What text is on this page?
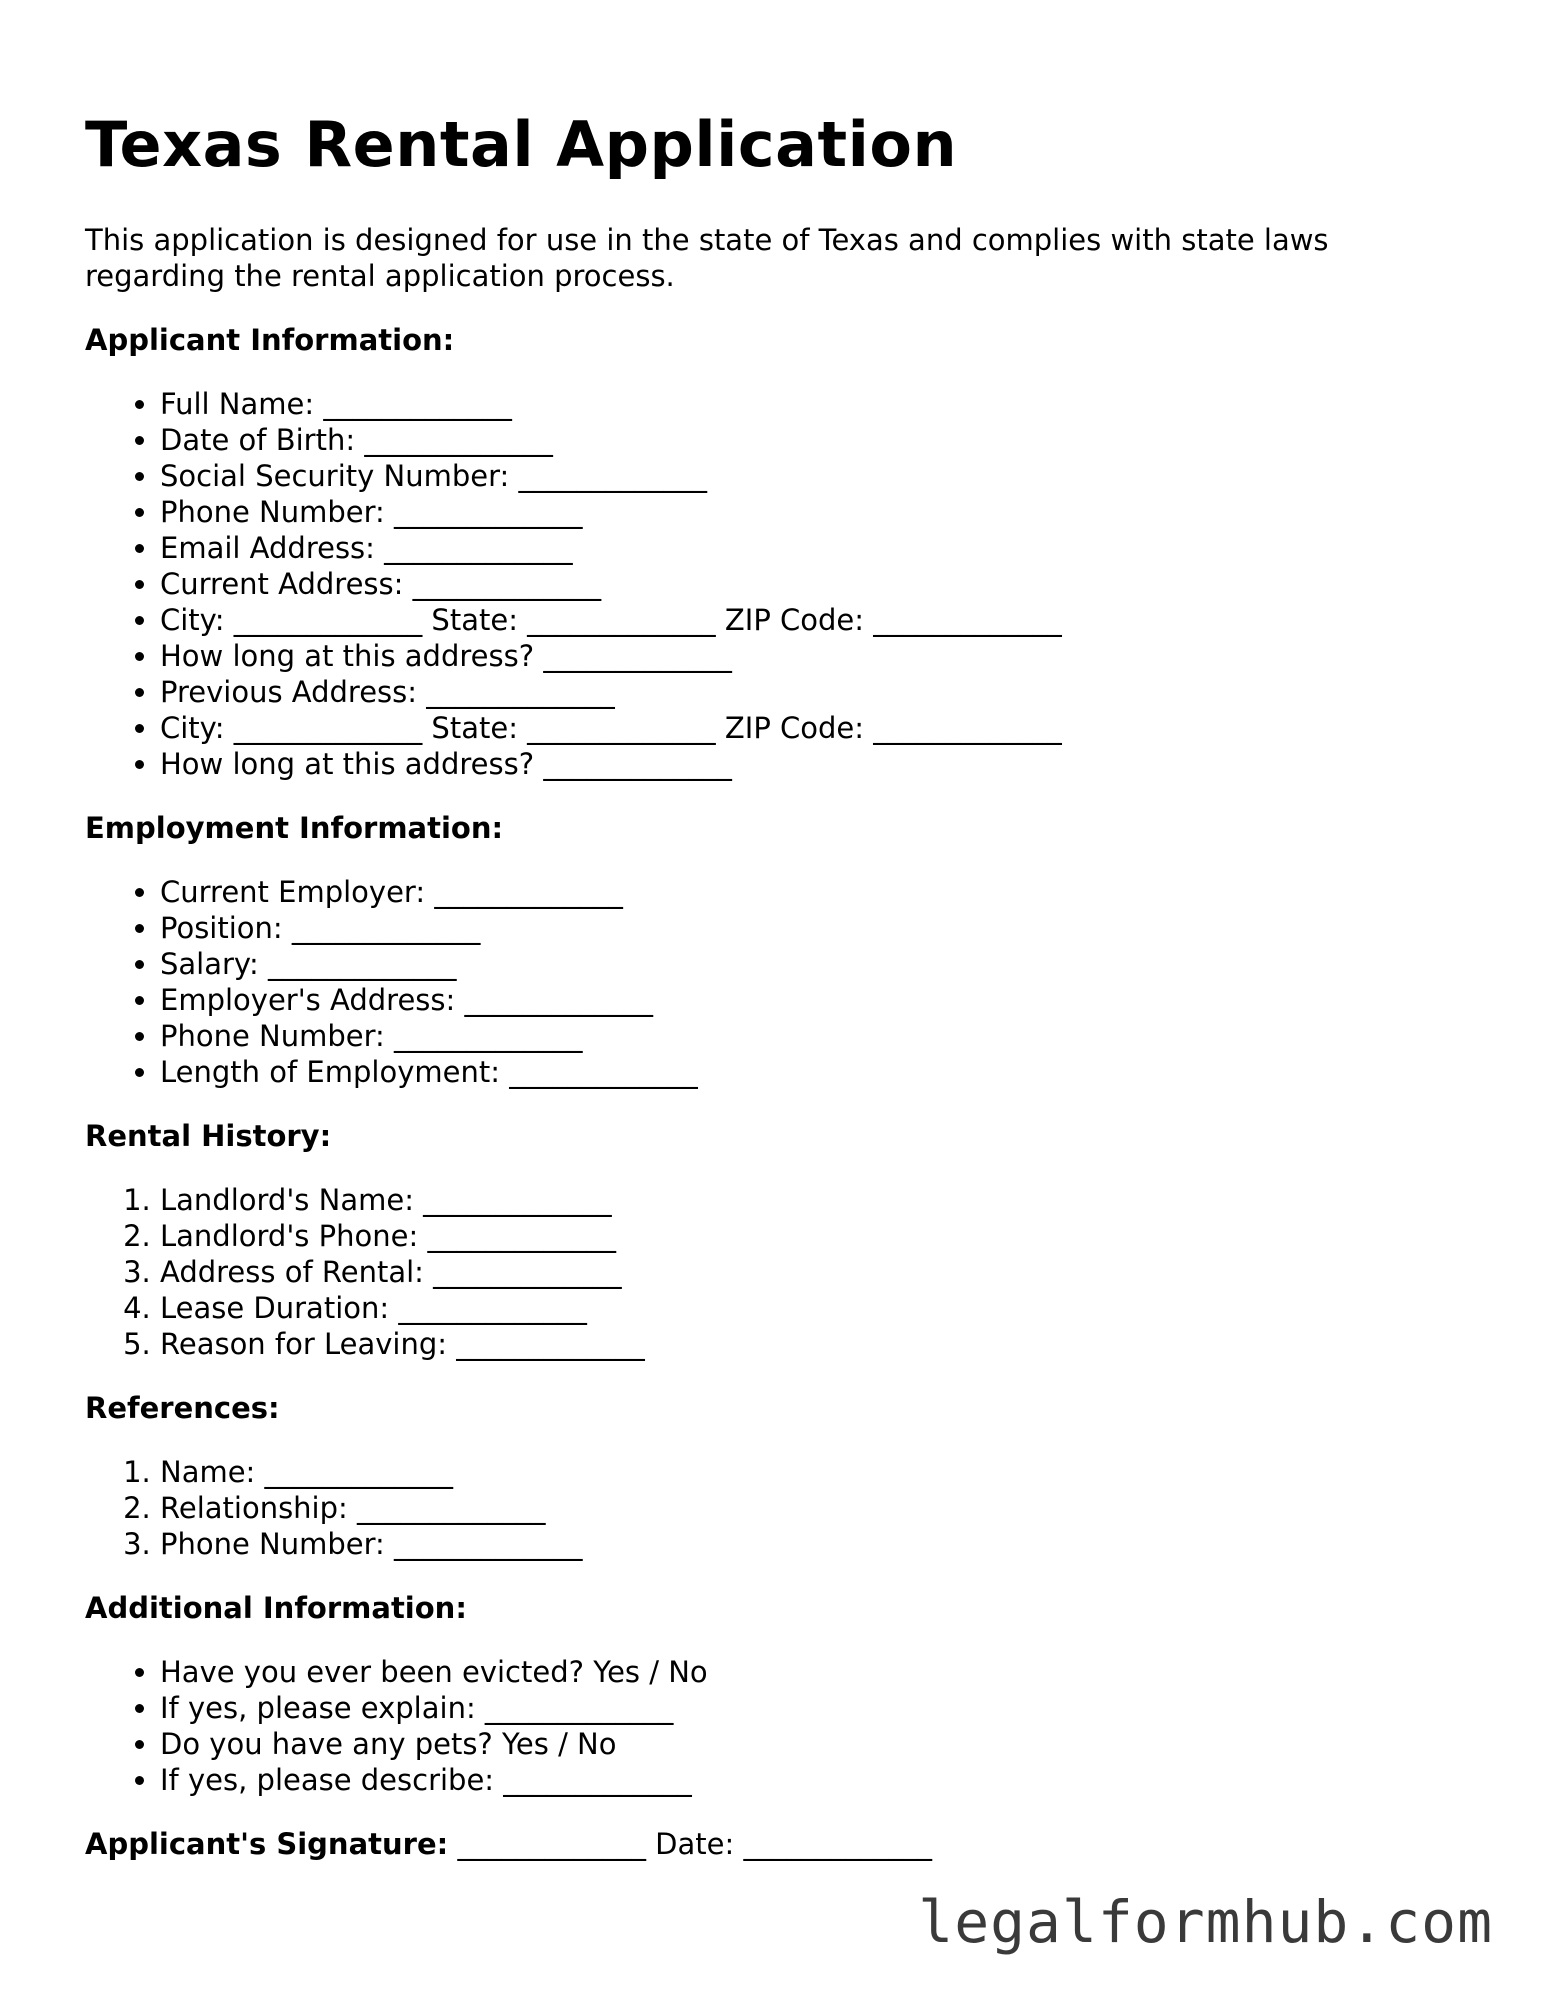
Texas Rental Application

This application is designed for use in the state of Texas and complies with state laws regarding the rental application process.

Applicant Information:
• Full Name: _____________
• Date of Birth: _____________
• Social Security Number: _____________
• Phone Number: _____________
• Email Address: _____________
• Current Address: _____________
• City: _____________ State: _____________ ZIP Code: _____________
• How long at this address? _____________
• Previous Address: _____________
• City: _____________ State: _____________ ZIP Code: _____________
• How long at this address? _____________
Employment Information:
• Current Employer: _____________
• Position: _____________
• Salary: _____________
• Employer's Address: _____________
• Phone Number: _____________
• Length of Employment: _____________
Rental History:
1. Landlord's Name: _____________
2. Landlord's Phone: _____________
3. Address of Rental: _____________
4. Lease Duration: _____________
5. Reason for Leaving: _____________
References:
1. Name: _____________
2. Relationship: _____________
3. Phone Number: _____________
Additional Information:
• Have you ever been evicted? Yes / No
• If yes, please explain: _____________
• Do you have any pets? Yes / No
• If yes, please describe: _____________
Applicant's Signature: _____________ Date: _____________
legalformhub.com
